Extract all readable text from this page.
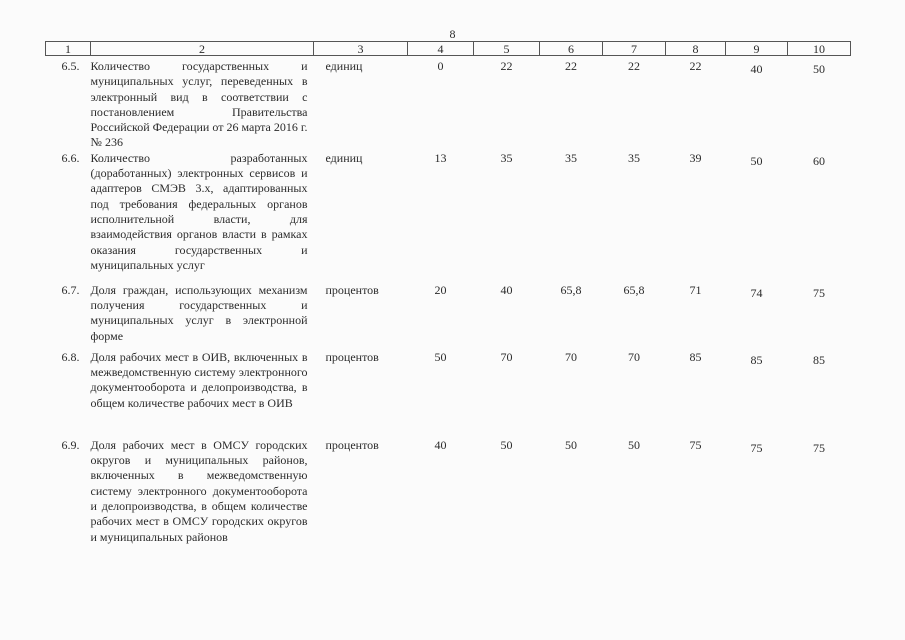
8
1	2	3	4	5	6	7	8	9	10
6.5.	Количество государственных и муниципальных услуг, переведенных в электронный вид в соответствии с постановлением Правительства Российской Федерации от 26 марта 2016 г. № 236	единиц	0	22	22	22	22	40	50
6.6.	Количество разработанных (доработанных) электронных сервисов и адаптеров СМЭВ 3.х, адаптированных под требования федеральных органов исполнительной власти, для взаимодействия органов власти в рамках оказания государственных и муниципальных услуг	единиц	13	35	35	35	39	50	60
6.7.	Доля граждан, использующих механизм получения государственных и муниципальных услуг в электронной форме	процентов	20	40	65,8	65,8	71	74	75
6.8.	Доля рабочих мест в ОИВ, включенных в межведомственную систему электронного документооборота и делопроизводства, в общем количестве рабочих мест в ОИВ	процентов	50	70	70	70	85	85	85
6.9.	Доля рабочих мест в ОМСУ городских округов и муниципальных районов, включенных в межведомственную систему электронного документооборота и делопроизводства, в общем количестве рабочих мест в ОМСУ городских округов и муниципальных районов	процентов	40	50	50	50	75	75	75
